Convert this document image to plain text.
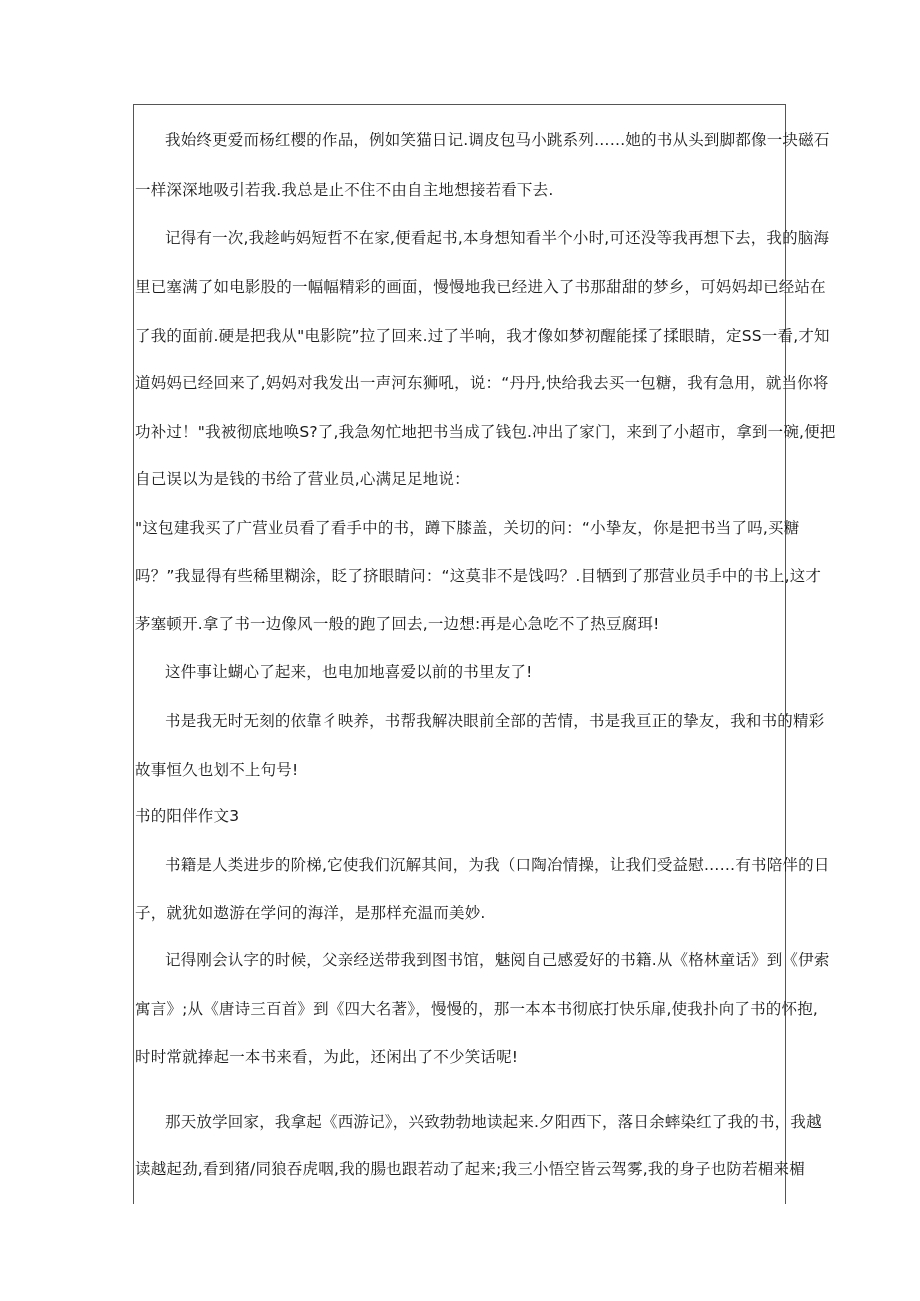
我始终更爱而杨红樱的作品，例如笑猫日记.调皮包马小跳系列……她的书从头到脚都像一块磁石
一样深深地吸引若我.我总是止不住不由自主地想接若看下去.
记得有一次,我趁屿妈短哲不在家,便看起书,本身想知看半个小时,可还没等我再想下去，我的脑海
里已塞满了如电影股的一幅幅精彩的画面，慢慢地我已经进入了书那甜甜的梦乡，可妈妈却已经站在
了我的面前.硬是把我从"电影院”拉了回来.过了半响，我才像如梦初醒能揉了揉眼睛，定SS一看,才知
道妈妈已经回来了,妈妈对我发出一声河东狮吼，说：“丹丹,快给我去买一包糖，我有急用，就当你将
功补过！"我被彻底地唤S?了,我急匆忙地把书当成了钱包.冲出了家门，来到了小超市，拿到一碗,便把
自己误以为是钱的书给了营业员,心满足足地说：
"这包建我买了广营业员看了看手中的书，蹲下膝盖，关切的问：“小挚友，你是把书当了吗,买糖
吗？”我显得有些稀里糊涂，眨了挤眼睛问：“这莫非不是饯吗？.目牺到了那营业员手中的书上,这才
茅塞顿开.拿了书一边像风一般的跑了回去,一边想:再是心急吃不了热豆腐珥!
这件事让蝴心了起来，也电加地喜爱以前的书里友了!
书是我无时无刻的依靠彳映养，书帮我解决眼前全部的苦情，书是我亘正的挚友，我和书的精彩
故事恒久也划不上句号!
书的阳伴作文3
书籍是人类进步的阶梯,它使我们沉解其间，为我（口陶冶情操，让我们受益慰……有书陪伴的日
子，就犹如遨游在学问的海洋，是那样充温而美妙.
记得刚会认字的时候，父亲经送带我到图书馆，魅阅自己感爱好的书籍.从《格林童话》到《伊索
寓言》;从《唐诗三百首》到《四大名著》，慢慢的，那一本本书彻底打快乐扉,使我扑向了书的怀抱,
时时常就捧起一本书来看，为此，还闲出了不少笑话呢!
那天放学回家，我拿起《西游记》，兴致勃勃地读起来.夕阳西下，落日余蟀染红了我的书，我越
读越起劲,看到猪/同狼吞虎咽,我的腸也跟若动了起来;我三小悟空皆云驾雾,我的身子也防若楣来楣
